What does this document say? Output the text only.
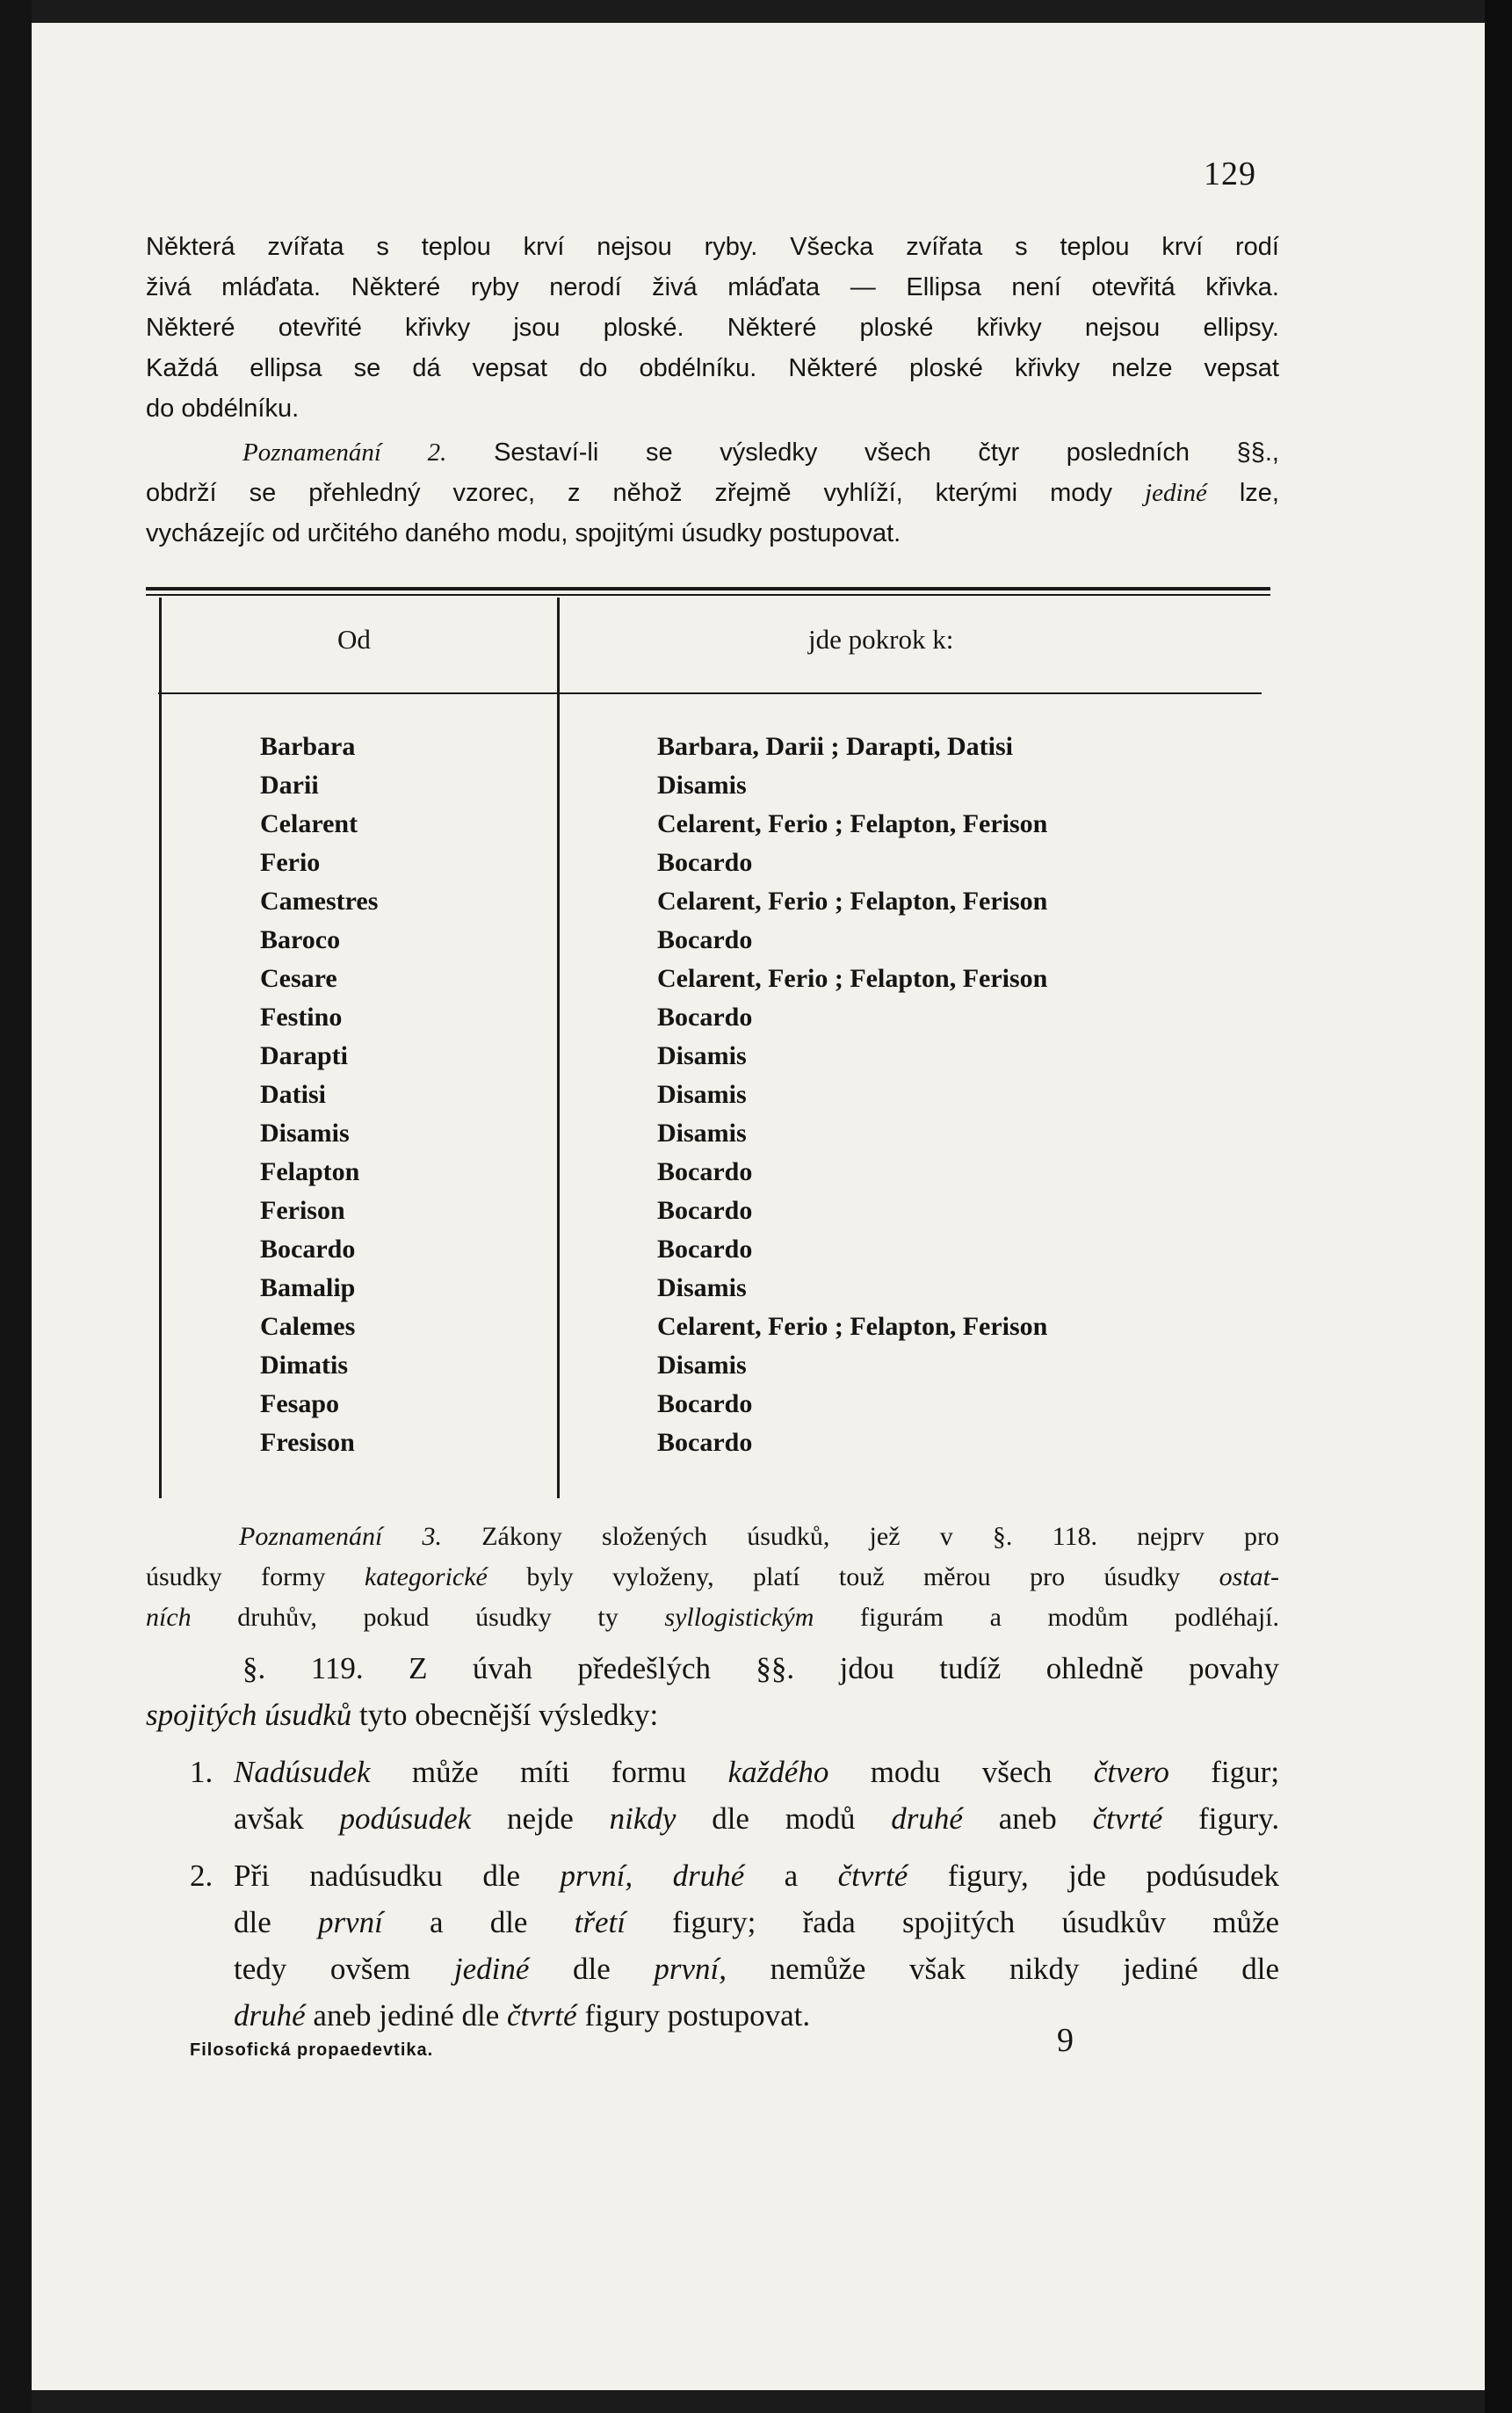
129
Některá zvířata s teplou krví nejsou ryby. Všecka zvířata s teplou krví rodí
živá mláďata. Některé ryby nerodí živá mláďata — Ellipsa není otevřitá křivka.
Některé otevřité křivky jsou ploské. Některé ploské křivky nejsou ellipsy.
Každá ellipsa se dá vepsat do obdélníku. Některé ploské křivky nelze vepsat
do obdélníku.
Poznamenání 2. Sestaví-li se výsledky všech čtyr posledních §§.,
obdrží se přehledný vzorec, z něhož zřejmě vyhlíží, kterými mody jediné lze,
vycházejíc od určitého daného modu, spojitými úsudky postupovat.
Od	jde pokrok k:
Barbara
Darii
Celarent
Ferio
Camestres
Baroco
Cesare
Festino
Darapti
Datisi
Disamis
Felapton
Ferison
Bocardo
Bamalip
Calemes
Dimatis
Fesapo
Fresison
Barbara, Darii ; Darapti, Datisi
Disamis
Celarent, Ferio ; Felapton, Ferison
Bocardo
Celarent, Ferio ; Felapton, Ferison
Bocardo
Celarent, Ferio ; Felapton, Ferison
Bocardo
Disamis
Disamis
Disamis
Bocardo
Bocardo
Bocardo
Disamis
Celarent, Ferio ; Felapton, Ferison
Disamis
Bocardo
Bocardo
Poznamenání 3. Zákony složených úsudků, jež v §. 118. nejprv pro
úsudky formy kategorické byly vyloženy, platí touž měrou pro úsudky ostat-
ních druhův, pokud úsudky ty syllogistickým figurám a modům podléhají.
§. 119. Z úvah předešlých §§. jdou tudíž ohledně povahy
spojitých úsudků tyto obecnější výsledky:
1. Nadúsudek může míti formu každého modu všech čtvero figur;
avšak podúsudek nejde nikdy dle modů druhé aneb čtvrté figury.
2. Při nadúsudku dle první, druhé a čtvrté figury, jde podúsudek
dle první a dle třetí figury; řada spojitých úsudkův může
tedy ovšem jediné dle první, nemůže však nikdy jediné dle
druhé aneb jediné dle čtvrté figury postupovat.
Filosofická propaedevtika.	9
